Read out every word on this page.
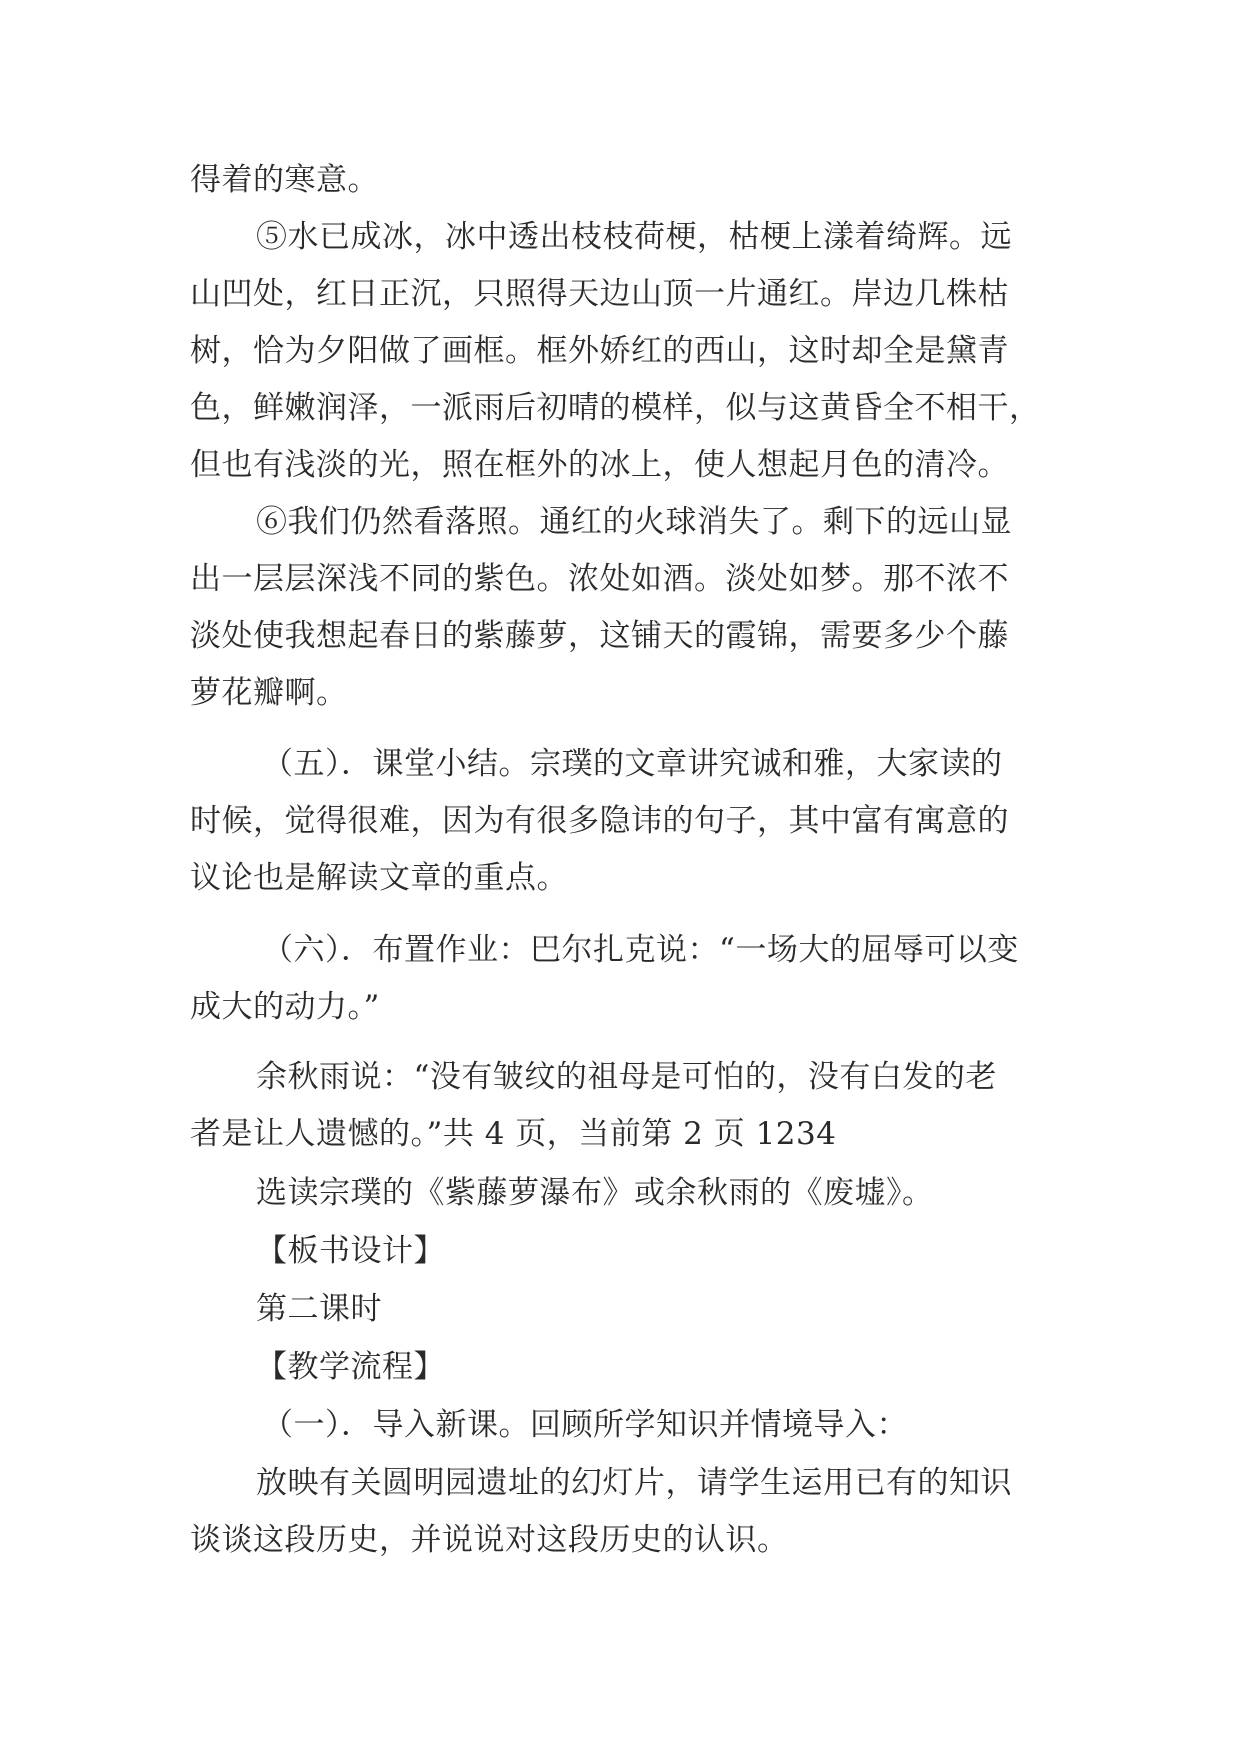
得着的寒意。
⑤水已成冰，冰中透出枝枝荷梗，枯梗上漾着绮辉。远
山凹处，红日正沉，只照得天边山顶一片通红。岸边几株枯
树，恰为夕阳做了画框。框外娇红的西山，这时却全是黛青
色，鲜嫩润泽，一派雨后初晴的模样，似与这黄昏全不相干，
但也有浅淡的光，照在框外的冰上，使人想起月色的清冷。
⑥我们仍然看落照。通红的火球消失了。剩下的远山显
出一层层深浅不同的紫色。浓处如酒。淡处如梦。那不浓不
淡处使我想起春日的紫藤萝，这铺天的霞锦，需要多少个藤
萝花瓣啊。
（五）．课堂小结。宗璞的文章讲究诚和雅，大家读的
时候，觉得很难，因为有很多隐讳的句子，其中富有寓意的
议论也是解读文章的重点。
（六）．布置作业：巴尔扎克说：“一场大的屈辱可以变
成大的动力。”
余秋雨说：“没有皱纹的祖母是可怕的，没有白发的老
者是让人遗憾的。”共 4 页，当前第 2 页 1234
选读宗璞的《紫藤萝瀑布》或余秋雨的《废墟》。
【板书设计】
第二课时
【教学流程】
（一）．导入新课。回顾所学知识并情境导入：
放映有关圆明园遗址的幻灯片，请学生运用已有的知识
谈谈这段历史，并说说对这段历史的认识。
